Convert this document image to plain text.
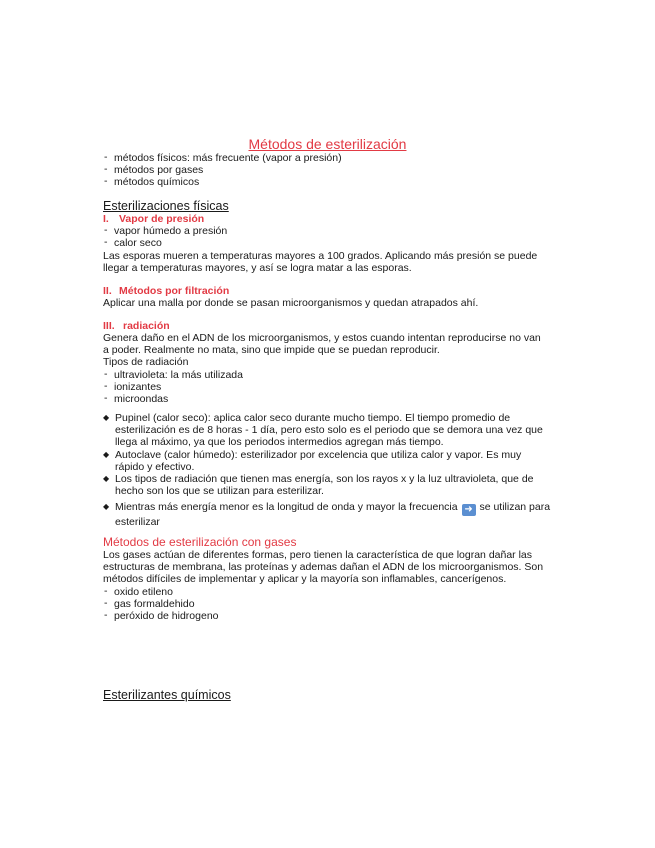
Métodos de esterilización
- métodos físicos: más frecuente (vapor a presión)
- métodos por gases
- métodos químicos
Esterilizaciones físicas
I. Vapor de presión
- vapor húmedo a presión
- calor seco
Las esporas mueren a temperaturas mayores a 100 grados. Aplicando más presión se puede
llegar a temperaturas mayores, y así se logra matar a las esporas.
II. Métodos por filtración
Aplicar una malla por donde se pasan microorganismos y quedan atrapados ahí.
III. radiación
Genera daño en el ADN de los microorganismos, y estos cuando intentan reproducirse no van
a poder. Realmente no mata, sino que impide que se puedan reproducir.
Tipos de radiación
- ultravioleta: la más utilizada
- ionizantes
- microondas
◆ Pupinel (calor seco): aplica calor seco durante mucho tiempo. El tiempo promedio de
esterilización es de 8 horas - 1 día, pero esto solo es el periodo que se demora una vez que
llega al máximo, ya que los periodos intermedios agregan más tiempo.
◆ Autoclave (calor húmedo): esterilizador por excelencia que utiliza calor y vapor. Es muy
rápido y efectivo.
◆ Los tipos de radiación que tienen mas energía, son los rayos x y la luz ultravioleta, que de
hecho son los que se utilizan para esterilizar.
◆ Mientras más energía menor es la longitud de onda y mayor la frecuencia ➜ se utilizan para
esterilizar
Métodos de esterilización con gases
Los gases actúan de diferentes formas, pero tienen la característica de que logran dañar las
estructuras de membrana, las proteínas y ademas dañan el ADN de los microorganismos. Son
métodos difíciles de implementar y aplicar y la mayoría son inflamables, cancerígenos.
- oxido etileno
- gas formaldehido
- peróxido de hidrogeno
Esterilizantes químicos
